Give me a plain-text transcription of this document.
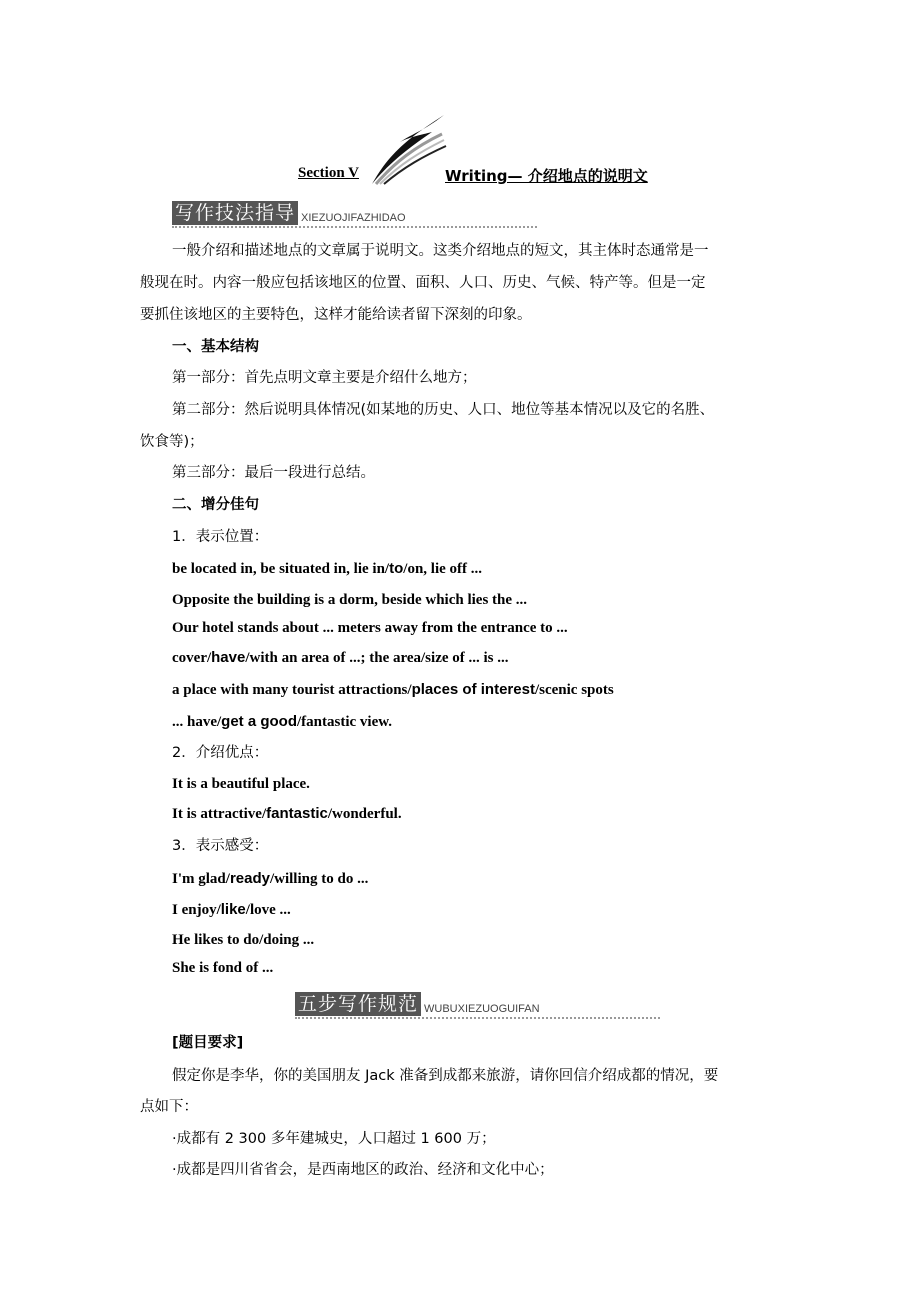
Section V	Writing— 介绍地点的说明文
写作技法指导 XIEZUOJIFAZHIDAO
一般介绍和描述地点的文章属于说明文。这类介绍地点的短文，其主体时态通常是一
般现在时。内容一般应包括该地区的位置、面积、人口、历史、气候、特产等。但是一定
要抓住该地区的主要特色，这样才能给读者留下深刻的印象。
一、基本结构
第一部分：首先点明文章主要是介绍什么地方；
第二部分：然后说明具体情况(如某地的历史、人口、地位等基本情况以及它的名胜、
饮食等)；
第三部分：最后一段进行总结。
二、增分佳句
1．表示位置：
be located in, be situated in, lie in/to/on, lie off ...
Opposite the building is a dorm, beside which lies the ...
Our hotel stands about ... meters away from the entrance to ...
cover/have/with an area of ...; the area/size of ... is ...
a place with many tourist attractions/places of interest/scenic spots
... have/get a good/fantastic view.
2．介绍优点：
It is a beautiful place.
It is attractive/fantastic/wonderful.
3．表示感受：
I'm glad/ready/willing to do ...
I enjoy/like/love ...
He likes to do/doing ...
She is fond of ...
五步写作规范 WUBUXIEZUOGUIFAN
[题目要求]
假定你是李华，你的美国朋友 Jack 准备到成都来旅游，请你回信介绍成都的情况，要
点如下：
·成都有 2 300 多年建城史，人口超过 1 600 万；
·成都是四川省省会，是西南地区的政治、经济和文化中心；
